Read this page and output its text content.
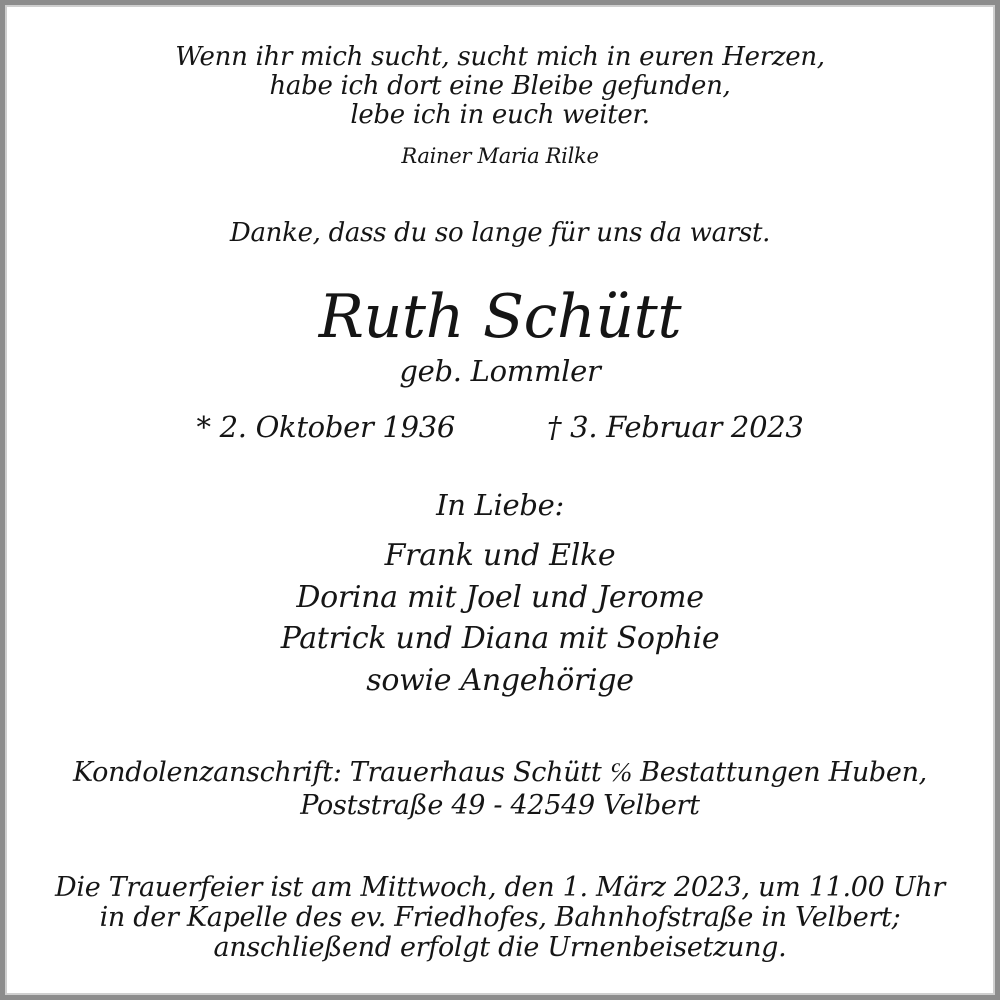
Wenn ihr mich sucht, sucht mich in euren Herzen,
habe ich dort eine Bleibe gefunden,
lebe ich in euch weiter.
Rainer Maria Rilke
Danke, dass du so lange für uns da warst.
Ruth Schütt
geb. Lommler
* 2. Oktober 1936	† 3. Februar 2023
In Liebe:
Frank und Elke
Dorina mit Joel und Jerome
Patrick und Diana mit Sophie
sowie Angehörige
Kondolenzanschrift: Trauerhaus Schütt ℅ Bestattungen Huben,
Poststraße 49 - 42549 Velbert
Die Trauerfeier ist am Mittwoch, den 1. März 2023, um 11.00 Uhr
in der Kapelle des ev. Friedhofes, Bahnhofstraße in Velbert;
anschließend erfolgt die Urnenbeisetzung.
